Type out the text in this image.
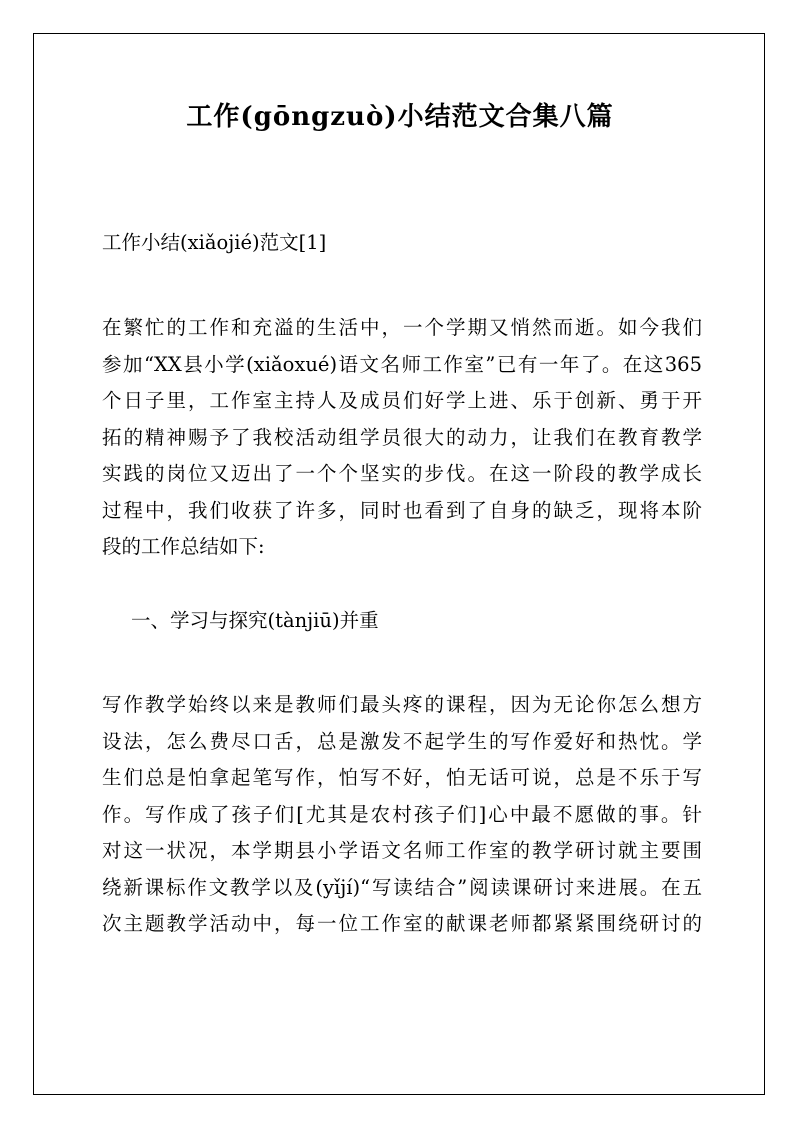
工作(gōngzuò)小结范文合集八篇
工作小结(xiǎojié)范文[1]
在繁忙的工作和充溢的生活中，一个学期又悄然而逝。如今我们
参加“XX县小学(xiǎoxué)语文名师工作室”已有一年了。在这365
个日子里，工作室主持人及成员们好学上进、乐于创新、勇于开
拓的精神赐予了我校活动组学员很大的动力，让我们在教育教学
实践的岗位又迈出了一个个坚实的步伐。在这一阶段的教学成长
过程中，我们收获了许多，同时也看到了自身的缺乏，现将本阶
段的工作总结如下:
一、学习与探究(tànjiū)并重
写作教学始终以来是教师们最头疼的课程，因为无论你怎么想方
设法，怎么费尽口舌，总是激发不起学生的写作爱好和热忱。学
生们总是怕拿起笔写作，怕写不好，怕无话可说，总是不乐于写
作。写作成了孩子们[尤其是农村孩子们]心中最不愿做的事。针
对这一状况，本学期县小学语文名师工作室的教学研讨就主要围
绕新课标作文教学以及(yǐjí)“写读结合”阅读课研讨来进展。在五
次主题教学活动中，每一位工作室的献课老师都紧紧围绕研讨的
